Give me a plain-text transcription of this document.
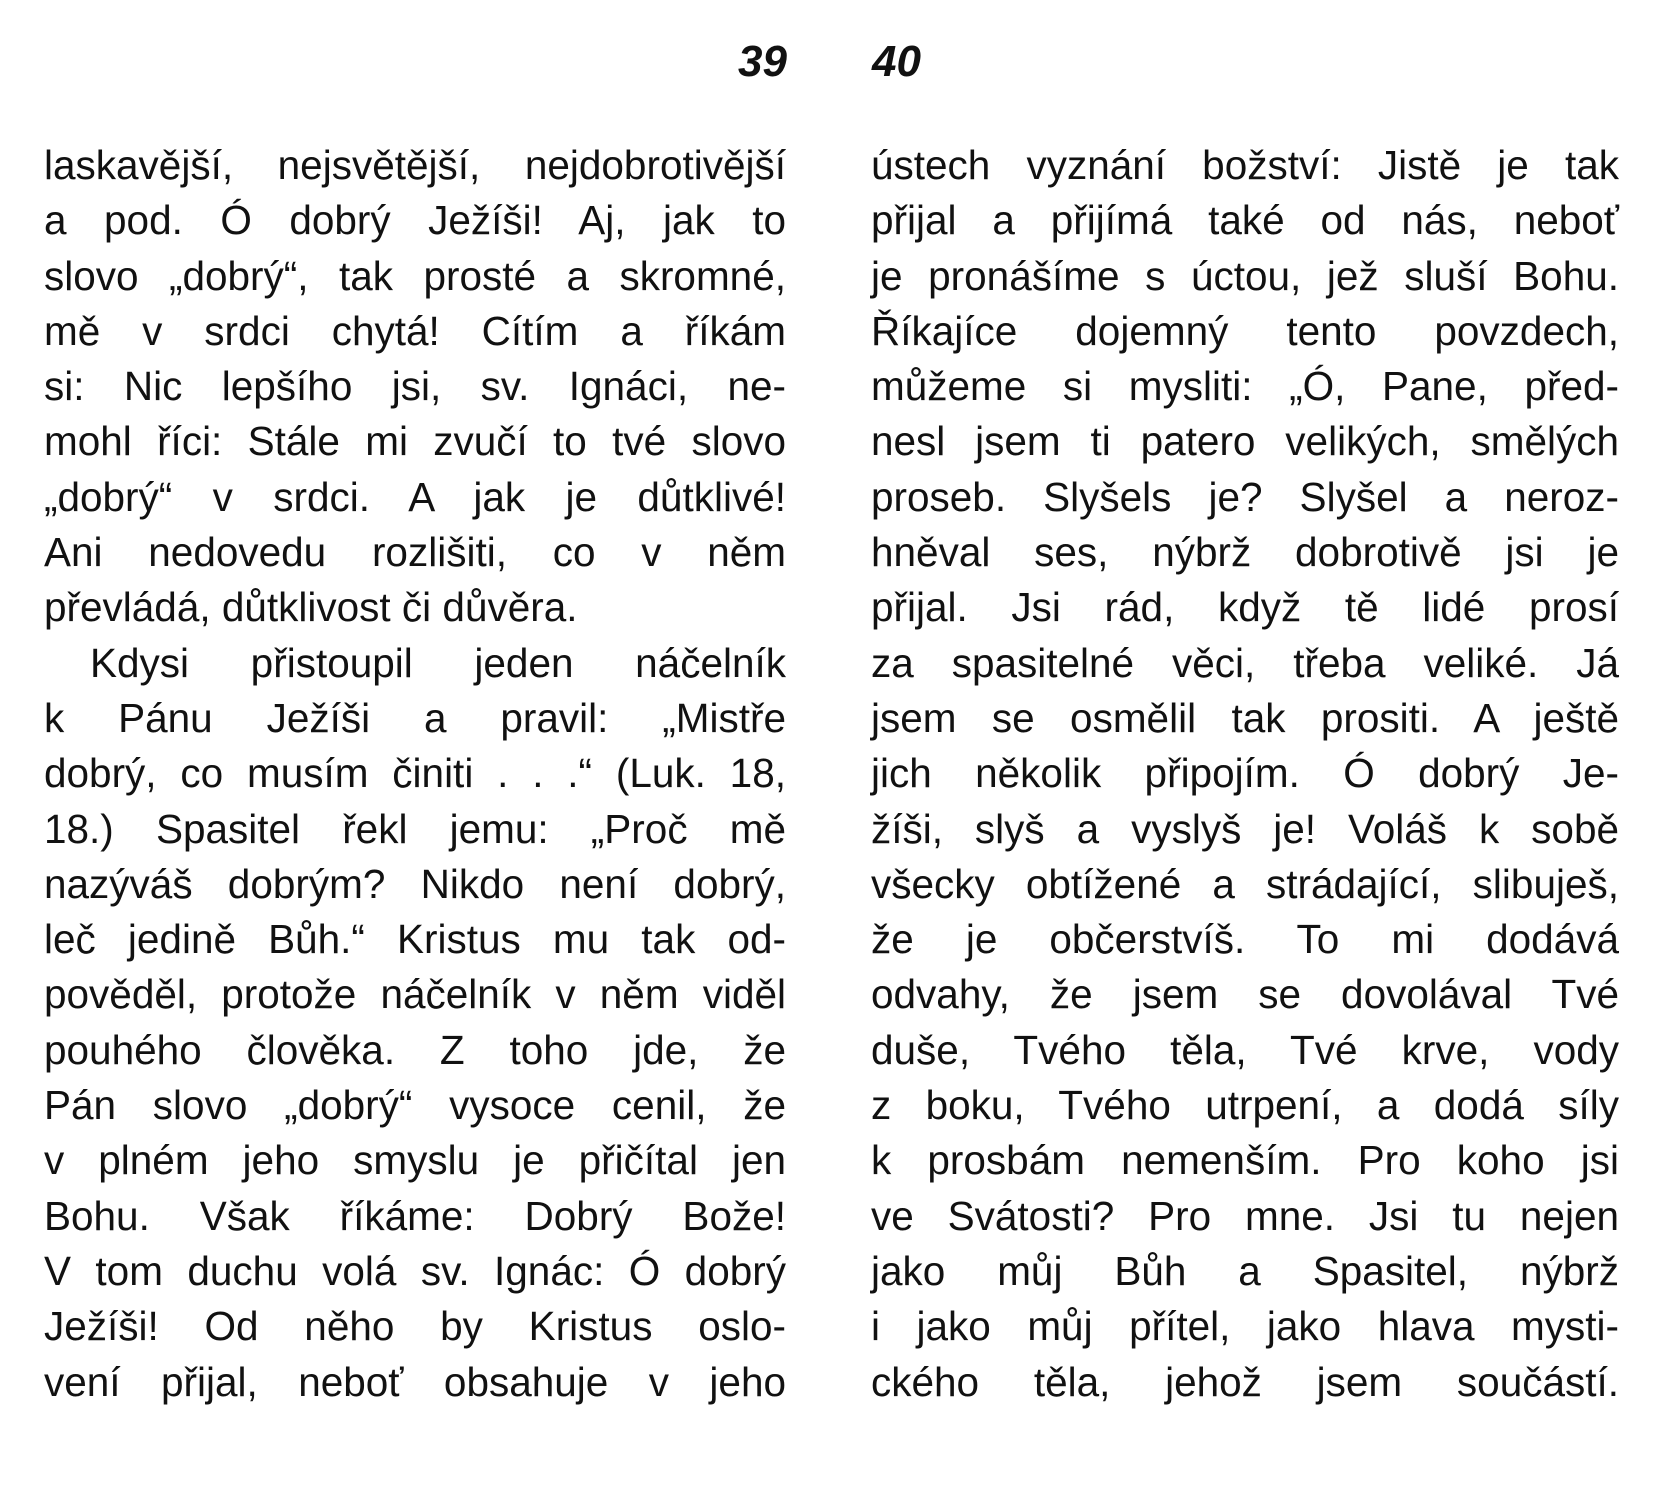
39 40
laskavější, nejsvětější, nejdobrotivější
a pod. Ó dobrý Ježíši! Aj, jak to
slovo „dobrý“, tak prosté a skromné,
mě v srdci chytá! Cítím a říkám
si: Nic lepšího jsi, sv. Ignáci, ne-
mohl říci: Stále mi zvučí to tvé slovo
„dobrý“ v srdci. A jak je důtklivé!
Ani nedovedu rozlišiti, co v něm
převládá, důtklivost či důvěra.
Kdysi přistoupil jeden náčelník
k Pánu Ježíši a pravil: „Mistře
dobrý, co musím činiti . . .“ (Luk. 18,
18.) Spasitel řekl jemu: „Proč mě
nazýváš dobrým? Nikdo není dobrý,
leč jedině Bůh.“ Kristus mu tak od-
pověděl, protože náčelník v něm viděl
pouhého člověka. Z toho jde, že
Pán slovo „dobrý“ vysoce cenil, že
v plném jeho smyslu je přičítal jen
Bohu. Však říkáme: Dobrý Bože!
V tom duchu volá sv. Ignác: Ó dobrý
Ježíši! Od něho by Kristus oslo-
vení přijal, neboť obsahuje v jeho
ústech vyznání božství: Jistě je tak
přijal a přijímá také od nás, neboť
je pronášíme s úctou, jež sluší Bohu.
Říkajíce dojemný tento povzdech,
můžeme si mysliti: „Ó, Pane, před-
nesl jsem ti patero velikých, smělých
proseb. Slyšels je? Slyšel a neroz-
hněval ses, nýbrž dobrotivě jsi je
přijal. Jsi rád, když tě lidé prosí
za spasitelné věci, třeba veliké. Já
jsem se osmělil tak prositi. A ještě
jich několik připojím. Ó dobrý Je-
žíši, slyš a vyslyš je! Voláš k sobě
všecky obtížené a strádající, slibuješ,
že je občerstvíš. To mi dodává
odvahy, že jsem se dovolával Tvé
duše, Tvého těla, Tvé krve, vody
z boku, Tvého utrpení, a dodá síly
k prosbám nemenším. Pro koho jsi
ve Svátosti? Pro mne. Jsi tu nejen
jako můj Bůh a Spasitel, nýbrž
i jako můj přítel, jako hlava mysti-
ckého těla, jehož jsem součástí.
